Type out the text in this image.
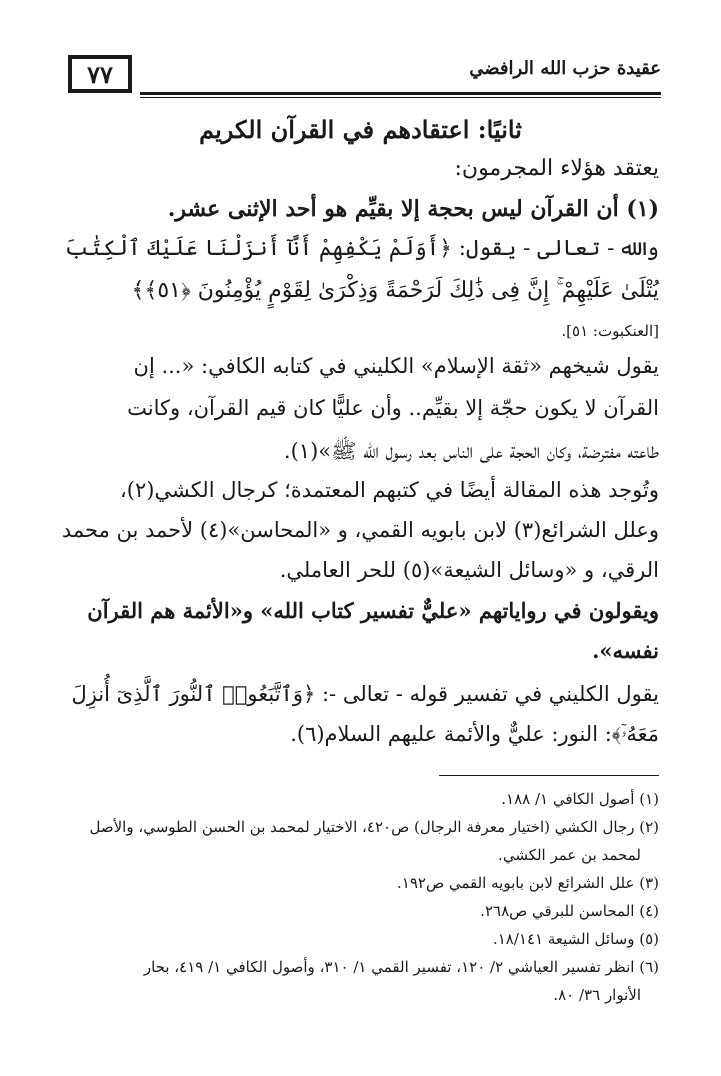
٧٧	عقيدة حزب الله الرافضي
ثانيًا: اعتقادهم في القرآن الكريم
يعتقد هؤلاء المجرمون:
(١) أن القرآن ليس بحجة إلا بقيِّم هو أحد الإثنى عشر.
والله - تعالى - يقول: ﴿أَوَلَمْ يَكْفِهِمْ أَنَّآ أَنزَلْنَا عَلَيْكَ ٱلْكِتَٰبَ
يُتْلَىٰ عَلَيْهِمْ ۚ إِنَّ فِى ذَٰلِكَ لَرَحْمَةً وَذِكْرَىٰ لِقَوْمٍ يُؤْمِنُونَ ﴿٥١﴾﴾
[العنكبوت: ٥١].
يقول شيخهم «ثقة الإسلام» الكليني في كتابه الكافي: «... إن
القرآن لا يكون حجّة إلا بقيِّم.. وأن عليًّا كان قيم القرآن، وكانت
طاعته مفترضة، وكان الحجة على الناس بعد رسول الله ﷺ»(١).
وتُوجد هذه المقالة أيضًا في كتبهم المعتمدة؛ كرجال الكشي(٢)،
وعلل الشرائع(٣) لابن بابويه القمي، و «المحاسن»(٤) لأحمد بن محمد
الرقي، و «وسائل الشيعة»(٥) للحر العاملي.
ويقولون في رواياتهم «عليٌّ تفسير كتاب الله» و«الأئمة هم القرآن
نفسه».
يقول الكليني في تفسير قوله - تعالى -: ﴿وَٱتَّبَعُوا۟ ٱلنُّورَ ٱلَّذِىٓ أُنزِلَ
مَعَهُۥٓ﴾: النور: عليٌّ والأئمة عليهم السلام(٦).
(١) أصول الكافي ١/ ١٨٨.
(٢) رجال الكشي (اختيار معرفة الرجال) ص٤٢٠، الاختيار لمحمد بن الحسن الطوسي، والأصل
لمحمد بن عمر الكشي.
(٣) علل الشرائع لابن بابويه القمي ص١٩٢.
(٤) المحاسن للبرقي ص٢٦٨.
(٥) وسائل الشيعة ١٨/١٤١.
(٦) انظر تفسير العياشي ٢/ ١٢٠، تفسير القمي ١/ ٣١٠، وأصول الكافي ١/ ٤١٩، بحار
الأنوار ٣٦/ ٨٠.
